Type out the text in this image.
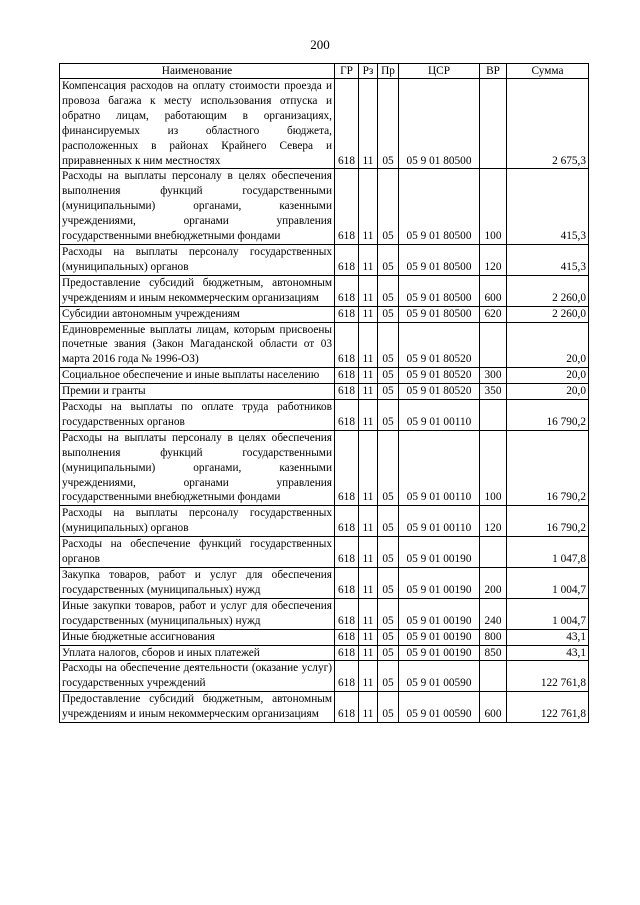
200
Наименование	ГР	Рз	Пр	ЦСР	ВР	Сумма
Компенсация расходов на оплату стоимости проезда и провоза багажа к месту использования отпуска и обратно лицам, работающим в организациях, финансируемых из областного бюджета, расположенных в районах Крайнего Севера и приравненных к ним местностях	618	11	05	05 9 01 80500		2 675,3
Расходы на выплаты персоналу в целях обеспечения выполнения функций государственными (муниципальными) органами, казенными учреждениями, органами управления государственными внебюджетными фондами	618	11	05	05 9 01 80500	100	415,3
Расходы на выплаты персоналу государственных (муниципальных) органов	618	11	05	05 9 01 80500	120	415,3
Предоставление субсидий бюджетным, автономным учреждениям и иным некоммерческим организациям	618	11	05	05 9 01 80500	600	2 260,0
Субсидии автономным учреждениям	618	11	05	05 9 01 80500	620	2 260,0
Единовременные выплаты лицам, которым присвоены почетные звания (Закон Магаданской области от 03 марта 2016 года № 1996-ОЗ)	618	11	05	05 9 01 80520		20,0
Социальное обеспечение и иные выплаты населению	618	11	05	05 9 01 80520	300	20,0
Премии и гранты	618	11	05	05 9 01 80520	350	20,0
Расходы на выплаты по оплате труда работников государственных органов	618	11	05	05 9 01 00110		16 790,2
Расходы на выплаты персоналу в целях обеспечения выполнения функций государственными (муниципальными) органами, казенными учреждениями, органами управления государственными внебюджетными фондами	618	11	05	05 9 01 00110	100	16 790,2
Расходы на выплаты персоналу государственных (муниципальных) органов	618	11	05	05 9 01 00110	120	16 790,2
Расходы на обеспечение функций государственных органов	618	11	05	05 9 01 00190		1 047,8
Закупка товаров, работ и услуг для обеспечения государственных (муниципальных) нужд	618	11	05	05 9 01 00190	200	1 004,7
Иные закупки товаров, работ и услуг для обеспечения государственных (муниципальных) нужд	618	11	05	05 9 01 00190	240	1 004,7
Иные бюджетные ассигнования	618	11	05	05 9 01 00190	800	43,1
Уплата налогов, сборов и иных платежей	618	11	05	05 9 01 00190	850	43,1
Расходы на обеспечение деятельности (оказание услуг) государственных учреждений	618	11	05	05 9 01 00590		122 761,8
Предоставление субсидий бюджетным, автономным учреждениям и иным некоммерческим организациям	618	11	05	05 9 01 00590	600	122 761,8
